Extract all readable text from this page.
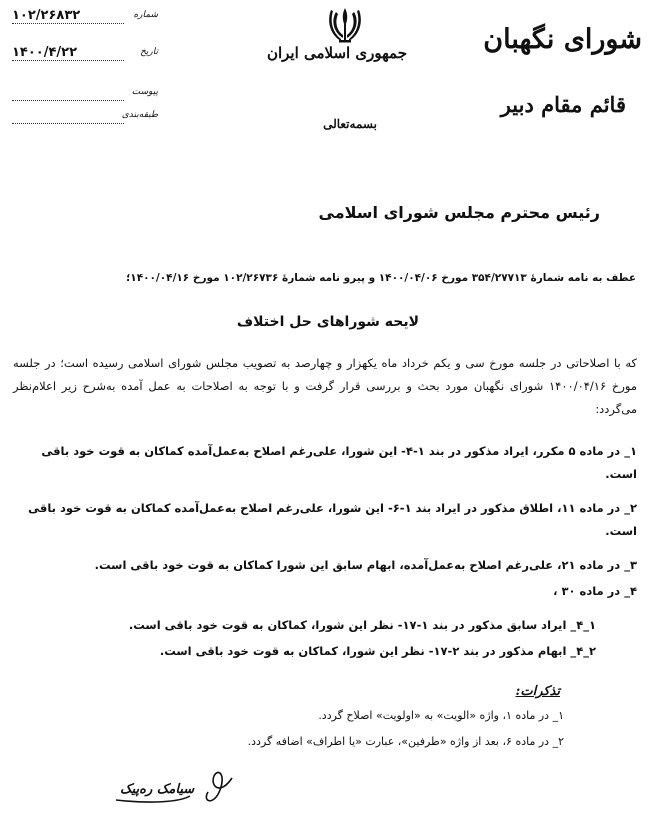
شورای نگهبان
قائم مقام دبیر
جمهوری اسلامی ایران
بسمه‌تعالی
۱۰۲/۲۶۸۳۲	شماره
۱۴۰۰/۴/۲۲	تاریخ
پیوست
طبقه‌بندی
رئیس محترم مجلس شورای اسلامی
عطف به نامه شمارهٔ ۳۵۴/۲۷۷۱۳ مورخ ۱۴۰۰/۰۴/۰۶ و پیرو نامه شمارهٔ ۱۰۲/۲۶۷۳۶ مورخ ۱۴۰۰/۰۴/۱۶؛
لایحه شوراهای حل اختلاف
که با اصلاحاتی در جلسه مورخ سی و یکم خرداد ماه یکهزار و چهارصد به تصویب مجلس شورای اسلامی رسیده است؛ در جلسه مورخ ۱۴۰۰/۰۴/۱۶ شورای نگهبان مورد بحث و بررسی قرار گرفت و با توجه به اصلاحات به عمل آمده به‌شرح زیر اعلام‌نظر می‌گردد:
۱_ در ماده ۵ مکرر، ایراد مذکور در بند ۱-۴- این شورا، علی‌رغم اصلاح به‌عمل‌آمده کماکان به قوت خود باقی است.
۲_ در ماده ۱۱، اطلاق مذکور در ایراد بند ۱-۶- این شورا، علی‌رغم اصلاح به‌عمل‌آمده کماکان به قوت خود باقی است.
۳_ در ماده ۲۱، علی‌رغم اصلاح به‌عمل‌آمده، ابهام سابق این شورا کماکان به قوت خود باقی است.
۴_ در ماده ۳۰ ،
۱_۴_ ایراد سابق مذکور در بند ۱-۱۷- نظر این شورا، کماکان به قوت خود باقی است.
۲_۴_ ابهام مذکور در بند ۲-۱۷- نظر این شورا، کماکان به قوت خود باقی است.
تذکرات:
۱_ در ماده ۱، واژه «الویت» به «اولویت» اصلاح گردد.
۲_ در ماده ۶، بعد از واژه «طرفین»، عبارت «یا اطراف» اضافه گردد.
سیامک ره‌پیک
